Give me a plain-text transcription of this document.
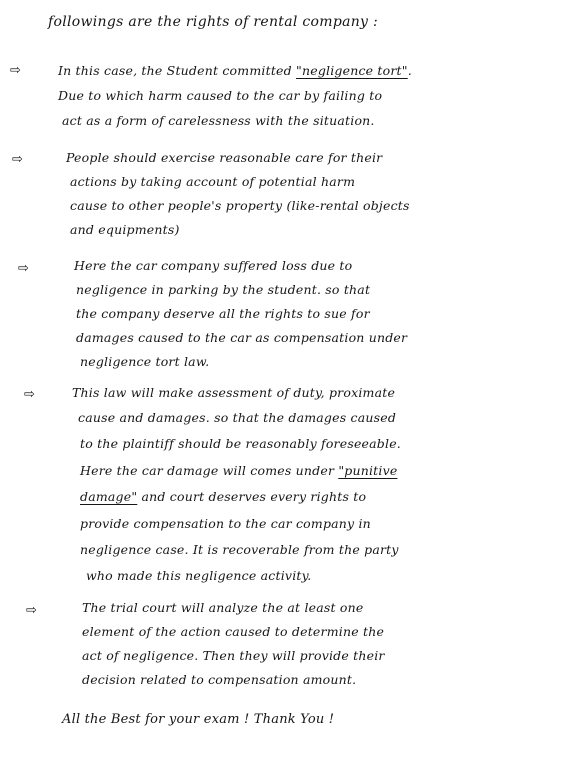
followings are the rights of rental company :
⇨	In this case, the Student committed "negligence tort".
Due to which harm caused to the car by failing to
act as a form of carelessness with the situation.
⇨	People should exercise reasonable care for their
actions by taking account of potential harm
cause to other people's property (like-rental objects
and equipments)
⇨	Here the car company suffered loss due to
negligence in parking by the student. so that
the company deserve all the rights to sue for
damages caused to the car as compensation under
negligence tort law.
⇨	This law will make assessment of duty, proximate
cause and damages. so that the damages caused
to the plaintiff should be reasonably foreseeable.
Here the car damage will comes under "punitive
damage" and court deserves every rights to
provide compensation to the car company in
negligence case. It is recoverable from the party
who made this negligence activity.
⇨	The trial court will analyze the at least one
element of the action caused to determine the
act of negligence. Then they will provide their
decision related to compensation amount.
All the Best for your exam ! Thank You !
